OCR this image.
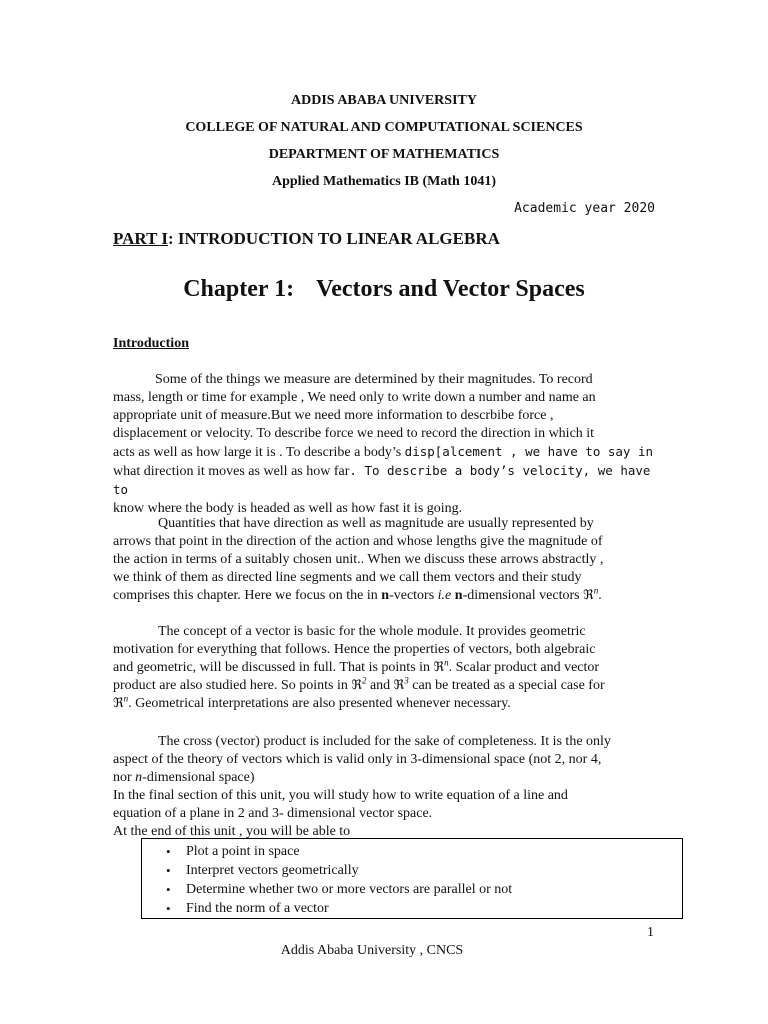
ADDIS ABABA UNIVERSITY
COLLEGE OF NATURAL AND COMPUTATIONAL SCIENCES
DEPARTMENT OF MATHEMATICS
Applied Mathematics IB (Math 1041)
Academic year 2020
PART I: INTRODUCTION TO LINEAR ALGEBRA
Chapter 1: Vectors and Vector Spaces
Introduction
Some of the things we measure are determined by their magnitudes. To record
mass, length or time for example , We need only to write down a number and name an
appropriate unit of measure.But we need more information to descrbibe force ,
displacement or velocity. To describe force we need to record the direction in which it
acts as well as how large it is . To describe a body’s disp[alcement , we have to say in
what direction it moves as well as how far. To describe a body’s velocity, we have to
know where the body is headed as well as how fast it is going.
Quantities that have direction as well as magnitude are usually represented by
arrows that point in the direction of the action and whose lengths give the magnitude of
the action in terms of a suitably chosen unit.. When we discuss these arrows abstractly ,
we think of them as directed line segments and we call them vectors and their study
comprises this chapter. Here we focus on the in n-vectors i.e n-dimensional vectors ℜ$^n$.
The concept of a vector is basic for the whole module. It provides geometric
motivation for everything that follows. Hence the properties of vectors, both algebraic
and geometric, will be discussed in full. That is points in ℜ$^n$. Scalar product and vector
product are also studied here. So points in ℜ$^2$ and ℜ$^3$ can be treated as a special case for
ℜ$^n$. Geometrical interpretations are also presented whenever necessary.
The cross (vector) product is included for the sake of completeness. It is the only
aspect of the theory of vectors which is valid only in 3-dimensional space (not 2, nor 4,
nor n-dimensional space)
In the final section of this unit, you will study how to write equation of a line and
equation of a plane in 2 and 3- dimensional vector space.
At the end of this unit , you will be able to
• Plot a point in space
• Interpret vectors geometrically
• Determine whether two or more vectors are parallel or not
• Find the norm of a vector
1
Addis Ababa University , CNCS
